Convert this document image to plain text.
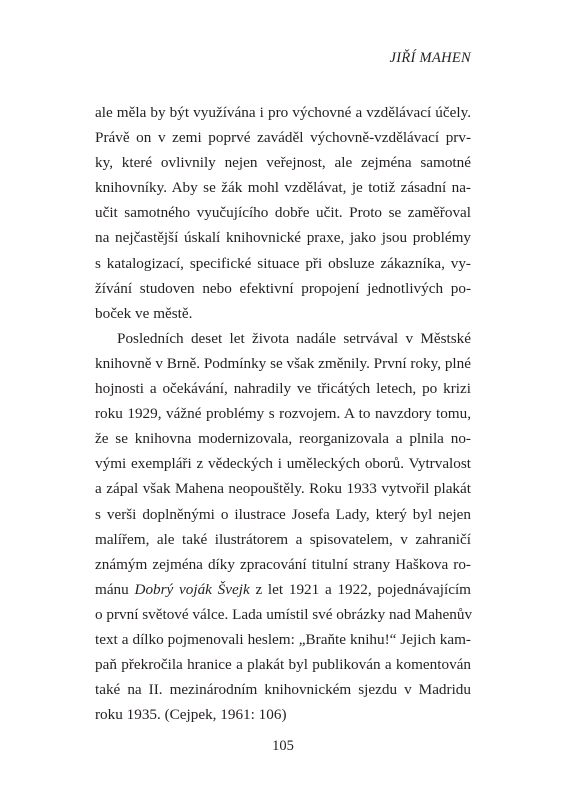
JIŘÍ MAHEN
ale měla by být využívána i pro výchovné a vzdělávací účely.
Právě on v zemi poprvé zaváděl výchovně-vzdělávací prv-
ky, které ovlivnily nejen veřejnost, ale zejména samotné
knihovníky. Aby se žák mohl vzdělávat, je totiž zásadní na-
učit samotného vyučujícího dobře učit. Proto se zaměřoval
na nejčastější úskalí knihovnické praxe, jako jsou problémy
s katalogizací, specifické situace při obsluze zákazníka, vy-
žívání studoven nebo efektivní propojení jednotlivých po-
boček ve městě.
Posledních deset let života nadále setrvával v Městské
knihovně v Brně. Podmínky se však změnily. První roky, plné
hojnosti a očekávání, nahradily ve třicátých letech, po krizi
roku 1929, vážné problémy s rozvojem. A to navzdory tomu,
že se knihovna modernizovala, reorganizovala a plnila no-
vými exempláři z vědeckých i uměleckých oborů. Vytrvalost
a zápal však Mahena neopouštěly. Roku 1933 vytvořil plakát
s verši doplněnými o ilustrace Josefa Lady, který byl nejen
malířem, ale také ilustrátorem a spisovatelem, v zahraničí
známým zejména díky zpracování titulní strany Haškova ro-
mánu Dobrý voják Švejk z let 1921 a 1922, pojednávajícím
o první světové válce. Lada umístil své obrázky nad Mahenův
text a dílko pojmenovali heslem: „Braňte knihu!“ Jejich kam-
paň překročila hranice a plakát byl publikován a komentován
také na II. mezinárodním knihovnickém sjezdu v Madridu
roku 1935. (Cejpek, 1961: 106)
105
